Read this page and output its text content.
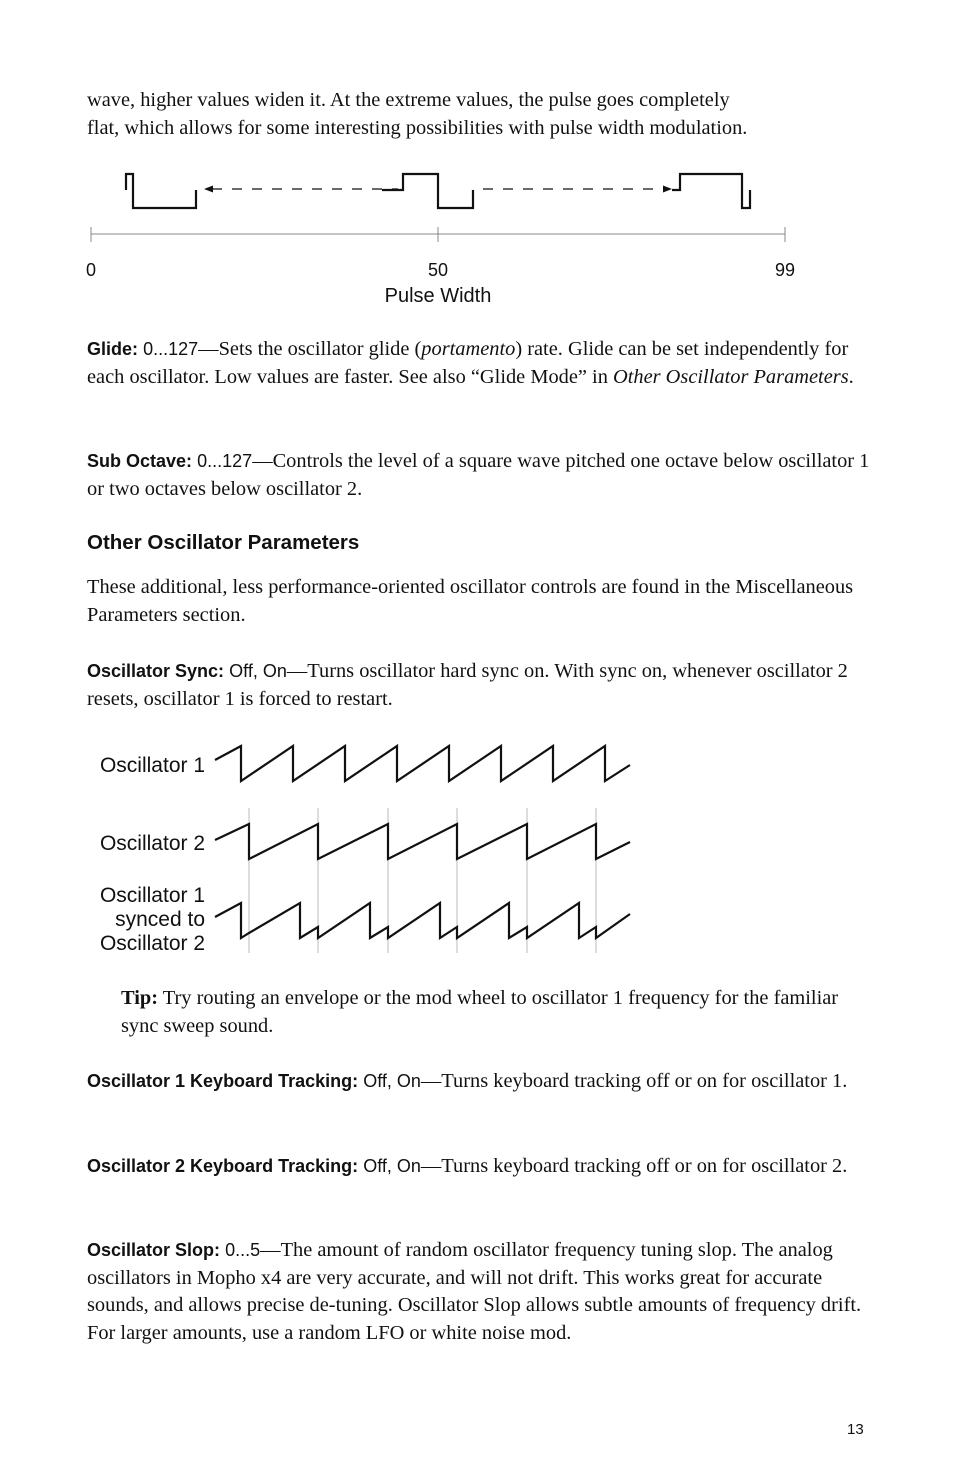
wave, higher values widen it. At the extreme values, the pulse goes completely
flat, which allows for some interesting possibilities with pulse width modulation.
0	50	99
Pulse Width
Glide: 0...127—Sets the oscillator glide (portamento) rate. Glide can be set independently for each oscillator. Low values are faster. See also “Glide Mode” in Other Oscillator Parameters.
Sub Octave: 0...127—Controls the level of a square wave pitched one octave below oscillator 1 or two octaves below oscillator 2.
Other Oscillator Parameters
These additional, less performance-oriented oscillator controls are found in the Miscellaneous Parameters section.
Oscillator Sync: Off, On—Turns oscillator hard sync on. With sync on, whenever oscillator 2 resets, oscillator 1 is forced to restart.
Oscillator 1
Oscillator 2
Oscillator 1
synced to
Oscillator 2
Tip: Try routing an envelope or the mod wheel to oscillator 1 frequency for the familiar sync sweep sound.
Oscillator 1 Keyboard Tracking: Off, On—Turns keyboard tracking off or on for oscillator 1.
Oscillator 2 Keyboard Tracking: Off, On—Turns keyboard tracking off or on for oscillator 2.
Oscillator Slop: 0...5—The amount of random oscillator frequency tuning slop. The analog oscillators in Mopho x4 are very accurate, and will not drift. This works great for accurate sounds, and allows precise de-tuning. Oscillator Slop allows subtle amounts of frequency drift. For larger amounts, use a random LFO or white noise mod.
13
